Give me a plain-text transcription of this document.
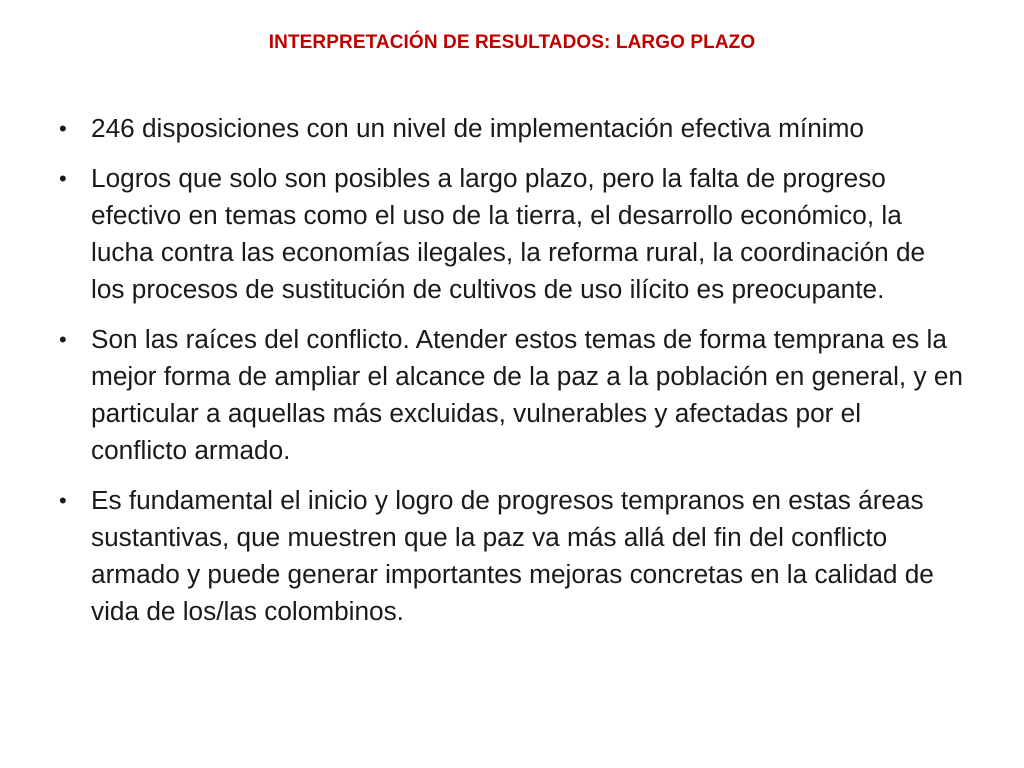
INTERPRETACIÓN DE RESULTADOS: LARGO PLAZO
• 246 disposiciones con un nivel de implementación efectiva mínimo
• Logros que solo son posibles a largo plazo, pero la falta de progreso efectivo en temas como el uso de la tierra, el desarrollo económico, la lucha contra las economías ilegales, la reforma rural, la coordinación de los procesos de sustitución de cultivos de uso ilícito es preocupante.
• Son las raíces del conflicto. Atender estos temas de forma temprana es la mejor forma de ampliar el alcance de la paz a la población en general, y en particular a aquellas más excluidas, vulnerables y afectadas por el conflicto armado.
• Es fundamental el inicio y logro de progresos tempranos en estas áreas sustantivas, que muestren que la paz va más allá del fin del conflicto armado y puede generar importantes mejoras concretas en la calidad de vida de los/las colombinos.
